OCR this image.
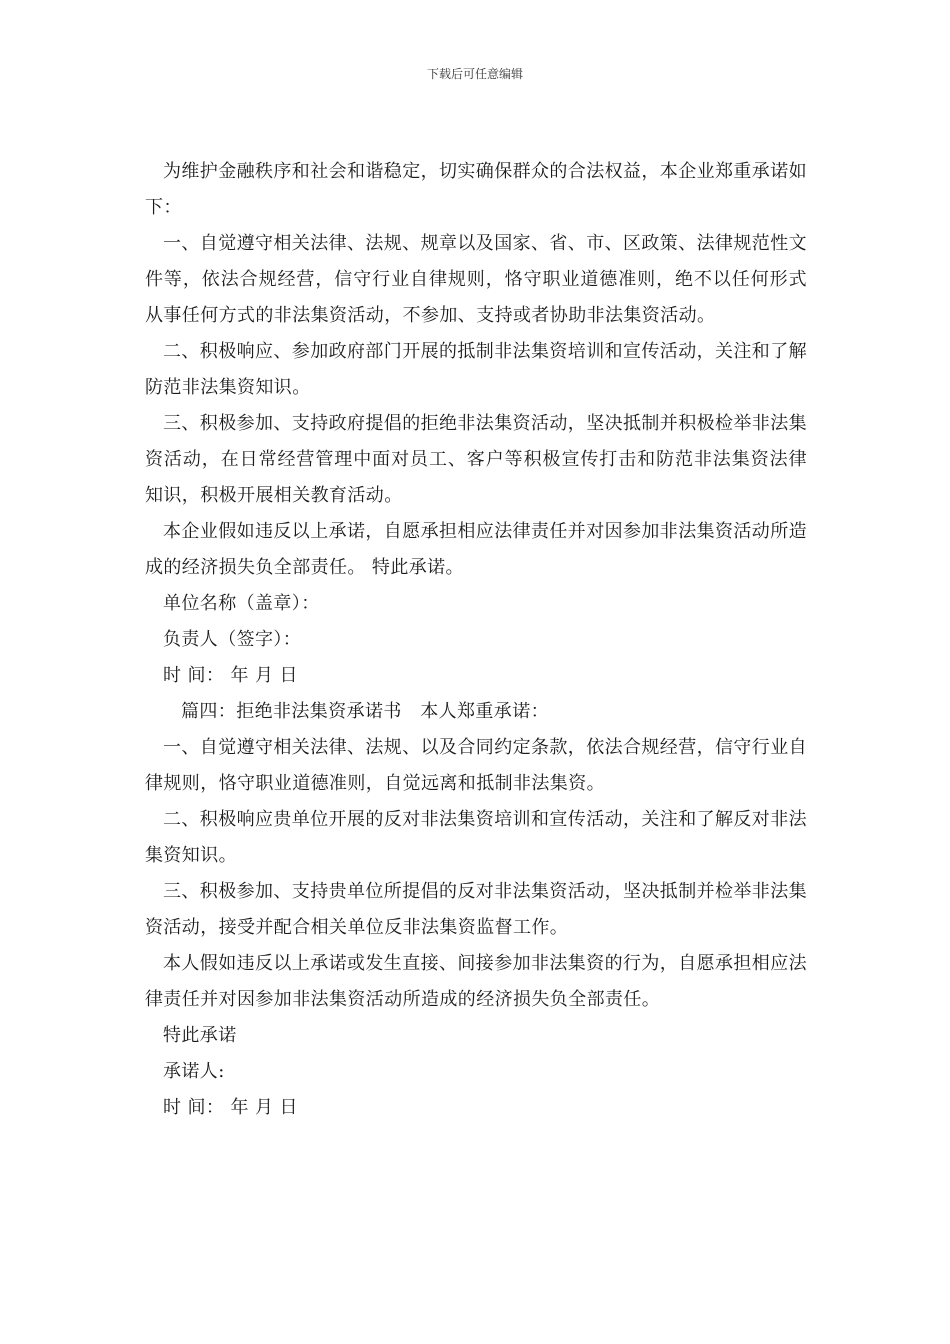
下载后可任意编辑

为维护金融秩序和社会和谐稳定，切实确保群众的合法权益，本企业郑重承诺如下：

一、自觉遵守相关法律、法规、规章以及国家、省、市、区政策、法律规范性文件等，依法合规经营，信守行业自律规则，恪守职业道德准则，绝不以任何形式从事任何方式的非法集资活动，不参加、支持或者协助非法集资活动。

二、积极响应、参加政府部门开展的抵制非法集资培训和宣传活动，关注和了解防范非法集资知识。

三、积极参加、支持政府提倡的拒绝非法集资活动，坚决抵制并积极检举非法集资活动，在日常经营管理中面对员工、客户等积极宣传打击和防范非法集资法律知识，积极开展相关教育活动。

本企业假如违反以上承诺，自愿承担相应法律责任并对因参加非法集资活动所造成的经济损失负全部责任。 特此承诺。

单位名称（盖章）：

负责人（签字）：

时 间： 年 月 日

篇四：拒绝非法集资承诺书　本人郑重承诺：

一、自觉遵守相关法律、法规、以及合同约定条款，依法合规经营，信守行业自律规则，恪守职业道德准则，自觉远离和抵制非法集资。

二、积极响应贵单位开展的反对非法集资培训和宣传活动，关注和了解反对非法集资知识。

三、积极参加、支持贵单位所提倡的反对非法集资活动，坚决抵制并检举非法集资活动，接受并配合相关单位反非法集资监督工作。

本人假如违反以上承诺或发生直接、间接参加非法集资的行为，自愿承担相应法律责任并对因参加非法集资活动所造成的经济损失负全部责任。

特此承诺

承诺人:

时 间： 年 月 日
